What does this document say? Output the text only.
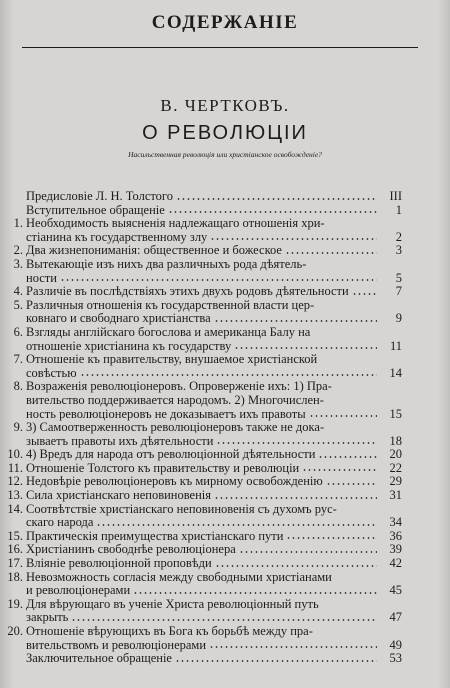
СОДЕРЖАНІЕ
В. ЧЕРТКОВЪ.
О РЕВОЛЮЦІИ
Насильственная революція или христіанское освобожденіе?
Предисловіе Л. Н. Толстого	III
Вступительное обращеніе	1
1. Необходимость выясненія надлежащаго отношенія хри-
стіанина къ государственному злу	2
2. Два жизнепониманія: общественное и божеское	3
3. Вытекающіе изъ нихъ два различныхъ рода дѣятель-
ности	5
4. Различіе въ послѣдствіяхъ этихъ двухъ родовъ дѣятельности	7
5. Различныя отношенія къ государственной власти цер-
ковнаго и свободнаго христіанства	9
6. Взгляды англійскаго богослова и американца Балу на
отношеніе христіанина къ государству	11
7. Отношеніе къ правительству, внушаемое христіанской
совѣстью	14
8. Возраженія революціонеровъ. Опроверженіе ихъ: 1) Пра-
вительство поддерживается народомъ. 2) Многочислен-
ность революціонеровъ не доказываетъ ихъ правоты	15
9. 3) Самоотверженность революціонеровъ также не дока-
зываетъ правоты ихъ дѣятельности	18
10. 4) Вредъ для народа отъ революціонной дѣятельности	20
11. Отношеніе Толстого къ правительству и революціи	22
12. Недовѣріе революціонеровъ къ мирному освобожденію	29
13. Сила христіанскаго неповиновенія	31
14. Соотвѣтствіе христіанскаго неповиновенія съ духомъ рус-
скаго народа	34
15. Практическія преимущества христіанскаго пути	36
16. Христіанинъ свободнѣе революціонера	39
17. Вліяніе революціонной проповѣди	42
18. Невозможность согласія между свободными христіанами
и революціонерами	45
19. Для вѣрующаго въ ученіе Христа революціонный путь
закрыть	47
20. Отношеніе вѣрующихъ въ Бога къ борьбѣ между пра-
вительствомъ и революціонерами	49
Заключительное обращеніе	53
